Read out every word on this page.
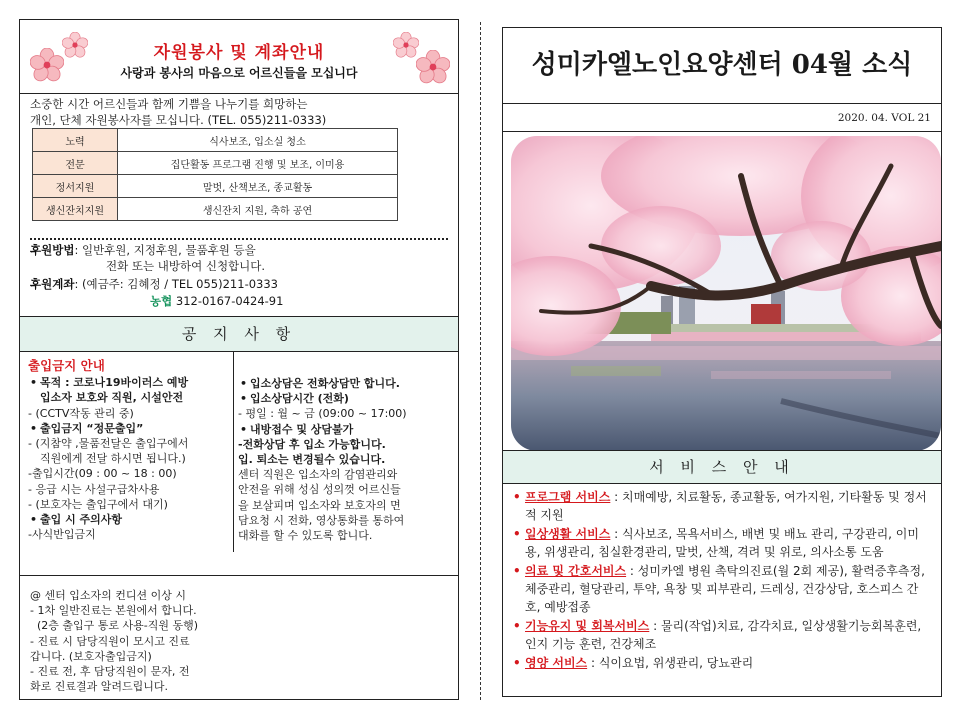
자원봉사 및 계좌안내
사랑과 봉사의 마음으로 어르신들을 모십니다
소중한 시간 어르신들과 함께 기쁨을 나누기를 희망하는
개인, 단체 자원봉사자를 모십니다. (TEL. 055)211-0333)
노력	식사보조, 입소실 청소
전문	집단활동 프로그램 진행 및 보조, 이미용
정서지원	말벗, 산책보조, 종교활동
생신잔치지원	생신잔치 지원, 축하 공연
후원방법: 일반후원, 지정후원, 물품후원 등을
전화 또는 내방하여 신청합니다.
후원계좌: (예금주: 김혜정 / TEL 055)211-0333
농협 312-0167-0424-91
공 지 사 항
출입금지 안내
• 목적 : 코로나19바이러스 예방
입소자 보호와 직원, 시설안전
- (CCTV작동 관리 중)
• 출입금지 “정문출입”
- (지참약 ,물품전달은 출입구에서
직원에게 전달 하시면 됩니다.)
-출입시간(09 : 00 ~ 18 : 00)
- 응급 시는 사설구급차사용
- (보호자는 출입구에서 대기)
• 출입 시 주의사항
-사식반입금지
• 입소상담은 전화상담만 합니다.
• 입소상담시간 (전화)
- 평일 : 월 ~ 금 (09:00 ~ 17:00)
• 내방접수 및 상담불가
-전화상담 후 입소 가능합니다.
입. 퇴소는 변경될수 있습니다.
센터 직원은 입소자의 감염관리와
안전을 위해 성심 성의껏 어르신들
을 보살피며 입소자와 보호자의 면
담요청 시 전화, 영상통화를 통하여
대화를 할 수 있도록 합니다.
@ 센터 입소자의 컨디션 이상 시
- 1차 일반진료는 본원에서 합니다.
(2층 출입구 통로 사용-직원 동행)
- 진료 시 담당직원이 모시고 진료
갑니다. (보호자출입금지)
- 진료 전, 후 담당직원이 문자, 전
화로 진료결과 알려드립니다.
성미카엘노인요양센터 04월 소식
2020. 04. VOL 21
서 비 스 안 내
• 프로그램 서비스 : 치매예방, 치료활동, 종교활동, 여가지원, 기타활동 및 정서적 지원
• 일상생활 서비스 : 식사보조, 목욕서비스, 배변 및 배뇨 관리, 구강관리, 이미용, 위생관리, 침실환경관리, 말벗, 산책, 격려 및 위로, 의사소통 도움
• 의료 및 간호서비스 : 성미카엘 병원 촉탁의진료(월 2회 제공), 활력증후측정, 체중관리, 혈당관리, 투약, 욕창 및 피부관리, 드레싱, 건강상담, 호스피스 간호, 예방접종
• 기능유지 및 회복서비스 : 물리(작업)치료, 감각치료, 일상생활기능회복훈련, 인지 기능 훈련, 건강체조
• 영양 서비스 : 식이요법, 위생관리, 당뇨관리
